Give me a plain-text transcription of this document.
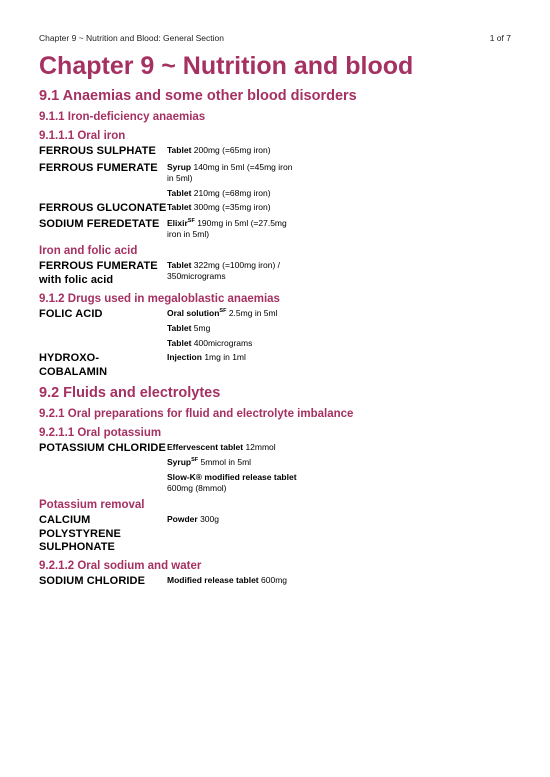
Chapter 9 ~ Nutrition and Blood: General Section	1 of 7
Chapter 9 ~ Nutrition and blood
9.1 Anaemias and some other blood disorders
9.1.1 Iron-deficiency anaemias
9.1.1.1 Oral iron
FERROUS SULPHATE	Tablet 200mg (=65mg iron)
FERROUS FUMERATE	Syrup 140mg in 5ml (=45mg iron in 5ml)
Tablet 210mg (=68mg iron)
FERROUS GLUCONATE Tablet 300mg (=35mg iron)
SODIUM FEREDETATE Elixir$^{SF}$ 190mg in 5ml (=27.5mg iron in 5ml)
Iron and folic acid
FERROUS FUMERATE with folic acid
Tablet 322mg (=100mg iron) / 350micrograms
9.1.2 Drugs used in megaloblastic anaemias
FOLIC ACID	Oral solution$^{SF}$ 2.5mg in 5ml
Tablet 5mg
Tablet 400micrograms
HYDROXO-COBALAMIN
Injection 1mg in 1ml
9.2 Fluids and electrolytes
9.2.1 Oral preparations for fluid and electrolyte imbalance
9.2.1.1 Oral potassium
POTASSIUM CHLORIDE Effervescent tablet 12mmol
Syrup$^{SF}$ 5mmol in 5ml
Slow-K® modified release tablet 600mg (8mmol)
Potassium removal
CALCIUM POLYSTYRENE SULPHONATE
Powder 300g
9.2.1.2 Oral sodium and water
SODIUM CHLORIDE	Modified release tablet 600mg
